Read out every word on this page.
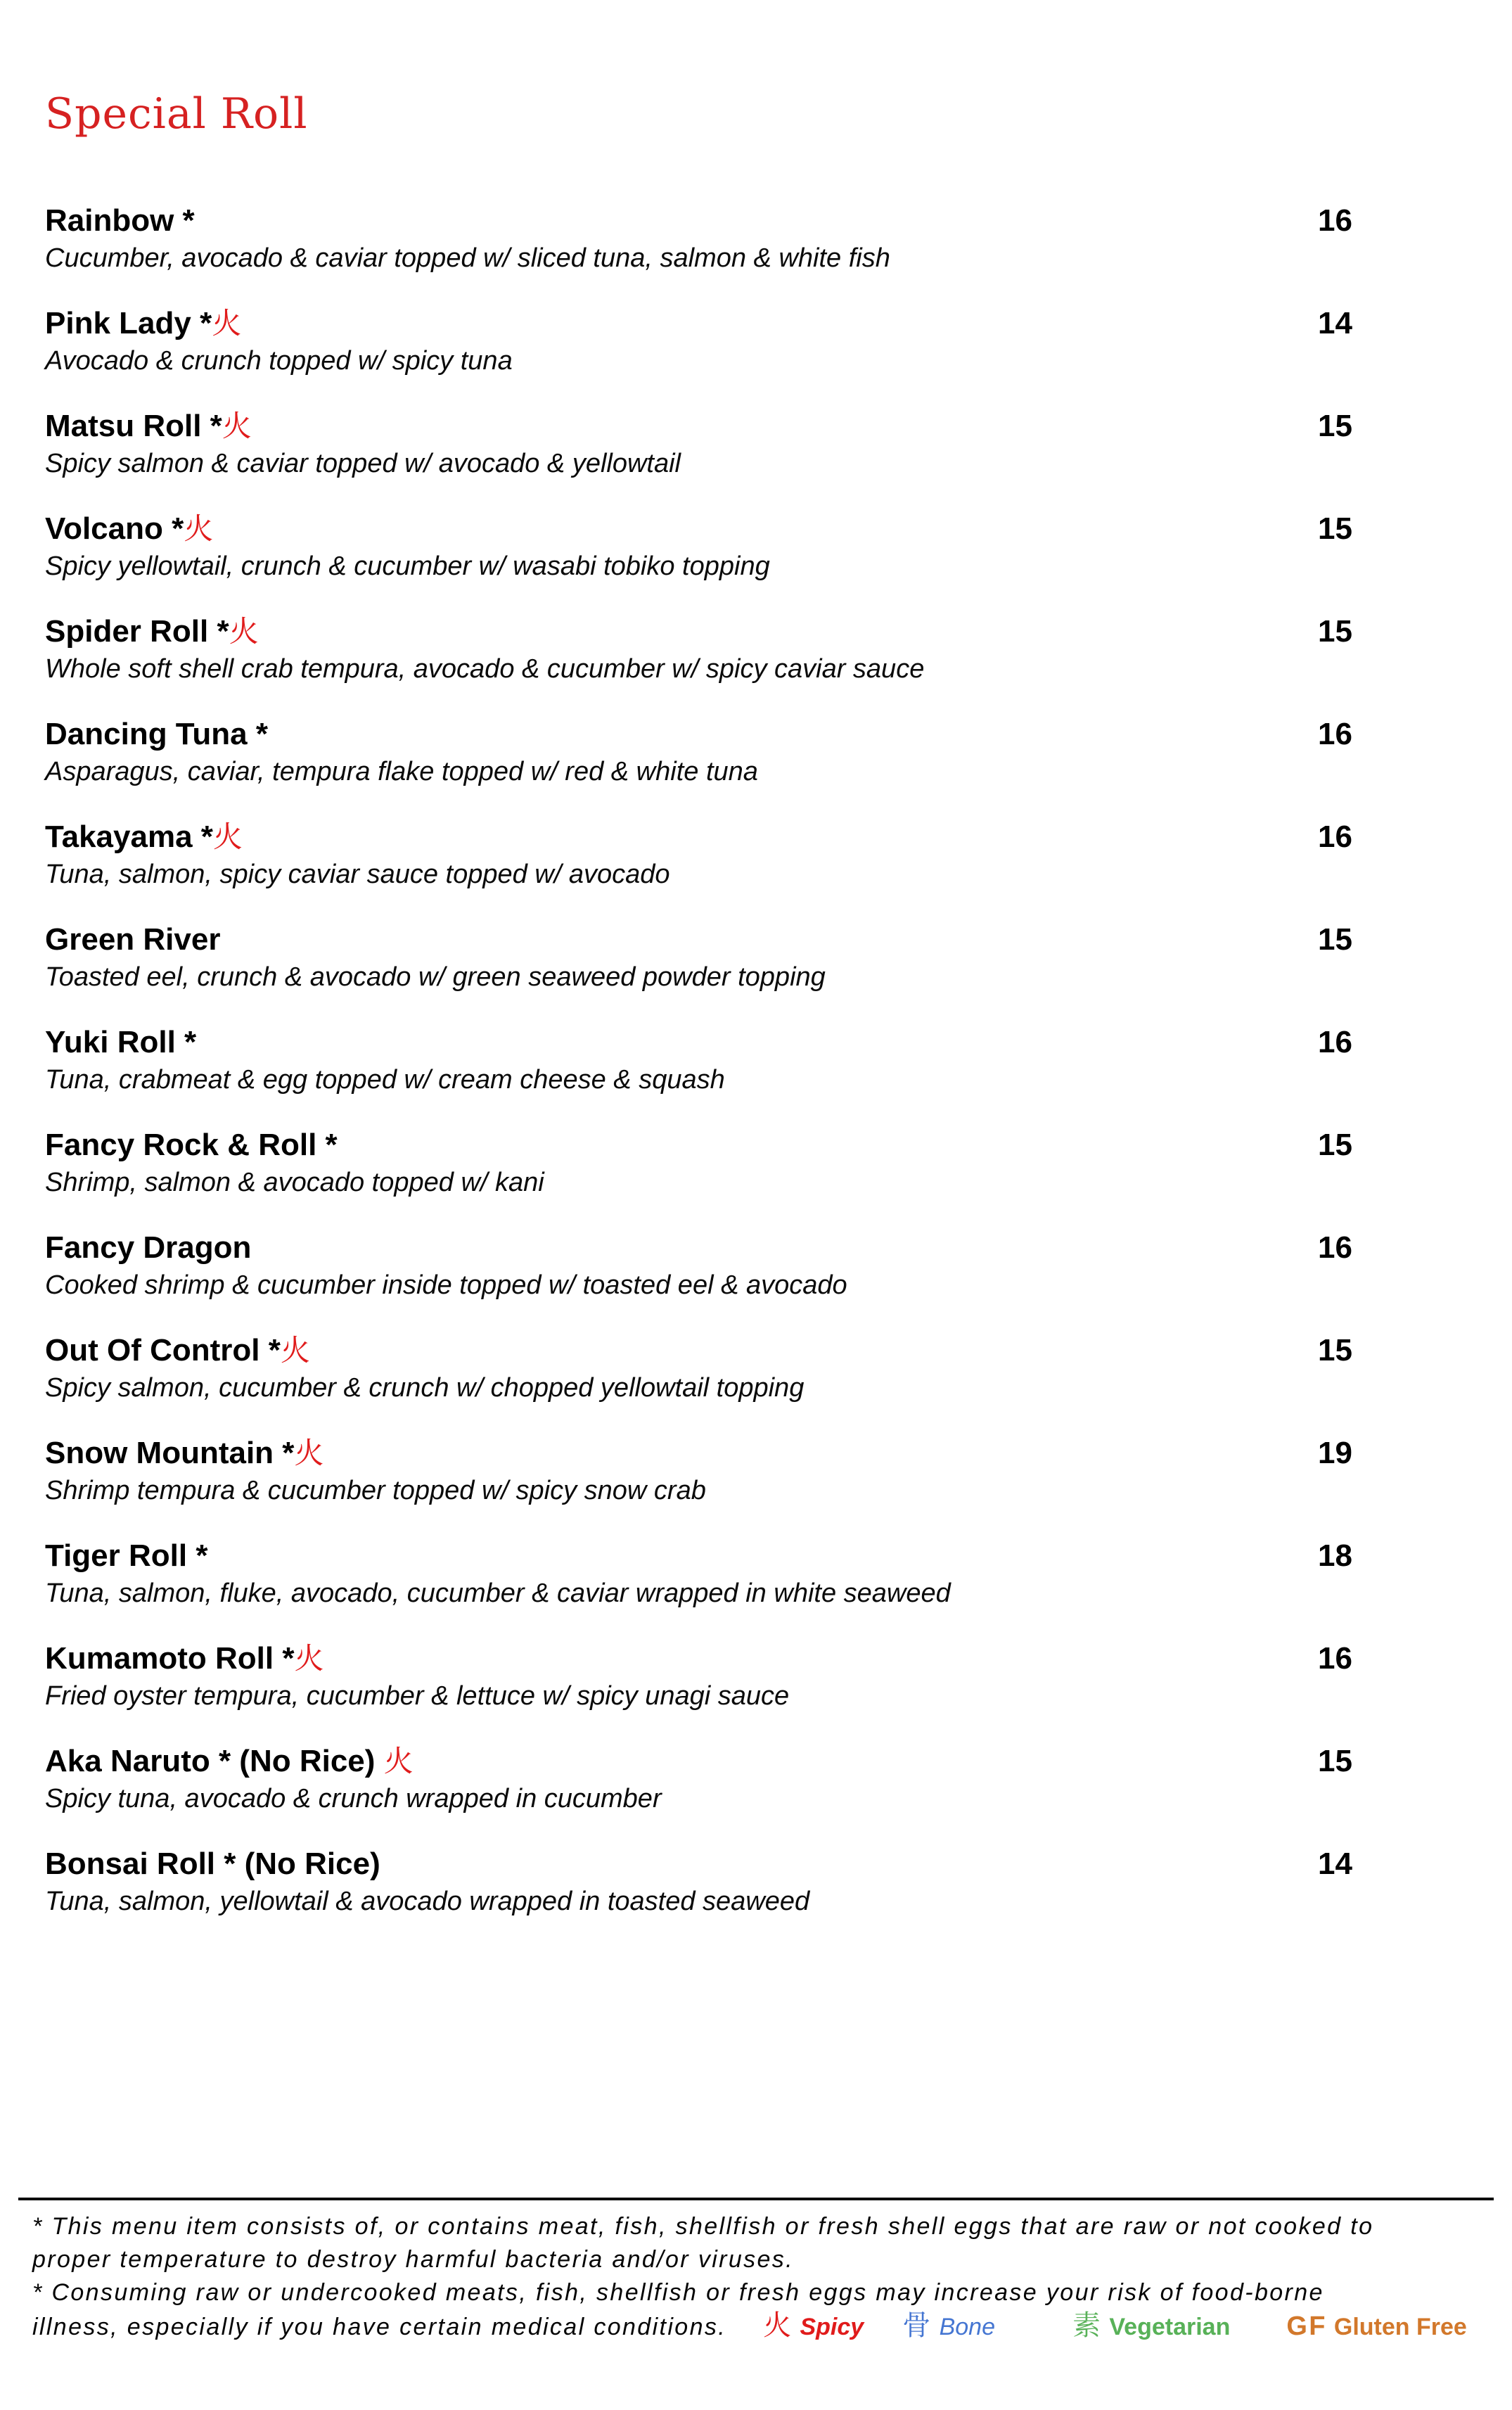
Special Roll
Rainbow *	16
Cucumber, avocado & caviar topped w/ sliced tuna, salmon & white fish
Pink Lady * 火	14
Avocado & crunch topped w/ spicy tuna
Matsu Roll * 火	15
Spicy salmon & caviar topped w/ avocado & yellowtail
Volcano * 火	15
Spicy yellowtail, crunch & cucumber w/ wasabi tobiko topping
Spider Roll * 火	15
Whole soft shell crab tempura, avocado & cucumber w/ spicy caviar sauce
Dancing Tuna *	16
Asparagus, caviar, tempura flake topped w/ red & white tuna
Takayama * 火	16
Tuna, salmon, spicy caviar sauce topped w/ avocado
Green River	15
Toasted eel, crunch & avocado w/ green seaweed powder topping
Yuki Roll *	16
Tuna, crabmeat & egg topped w/ cream cheese & squash
Fancy Rock & Roll *	15
Shrimp, salmon & avocado topped w/ kani
Fancy Dragon	16
Cooked shrimp & cucumber inside topped w/ toasted eel & avocado
Out Of Control * 火	15
Spicy salmon, cucumber & crunch w/ chopped yellowtail topping
Snow Mountain * 火	19
Shrimp tempura & cucumber topped w/ spicy snow crab
Tiger Roll *	18
Tuna, salmon, fluke, avocado, cucumber & caviar wrapped in white seaweed
Kumamoto Roll * 火	16
Fried oyster tempura, cucumber & lettuce w/ spicy unagi sauce
Aka Naruto * (No Rice) 火	15
Spicy tuna, avocado & crunch wrapped in cucumber
Bonsai Roll * (No Rice)	14
Tuna, salmon, yellowtail & avocado wrapped in toasted seaweed
* This menu item consists of, or contains meat, fish, shellfish or fresh shell eggs that are raw or not cooked to
proper temperature to destroy harmful bacteria and/or viruses.
* Consuming raw or undercooked meats, fish, shellfish or fresh eggs may increase your risk of food-borne
illness, especially if you have certain medical conditions. 火 Spicy 骨 Bone	素 Vegetarian GF Gluten Free
